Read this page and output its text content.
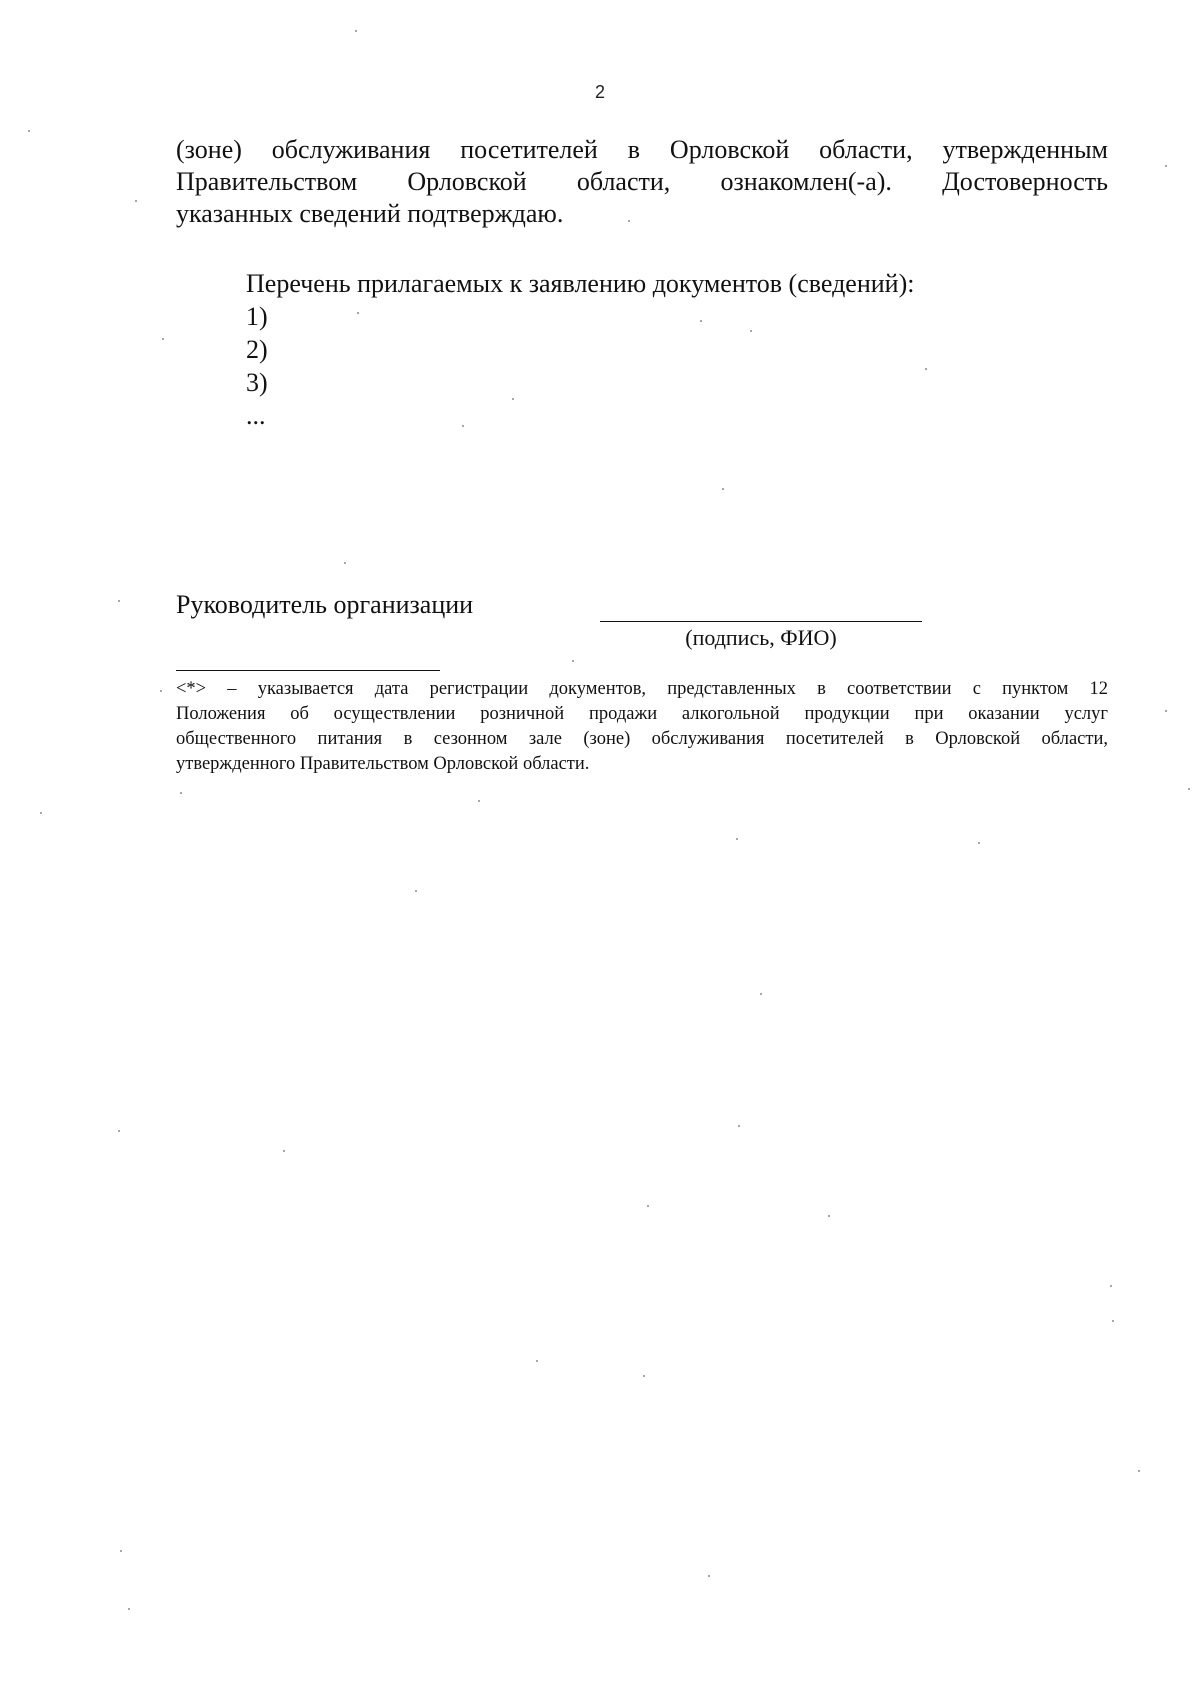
2
(зоне) обслуживания посетителей в Орловской области, утвержденным
Правительством Орловской области, ознакомлен(-а). Достоверность
указанных сведений подтверждаю.
Перечень прилагаемых к заявлению документов (сведений):
1)
2)
3)
...
Руководитель организации
(подпись, ФИО)
<*> – указывается дата регистрации документов, представленных в соответствии с пунктом 12
Положения об осуществлении розничной продажи алкогольной продукции при оказании услуг
общественного питания в сезонном зале (зоне) обслуживания посетителей в Орловской области,
утвержденного Правительством Орловской области.
